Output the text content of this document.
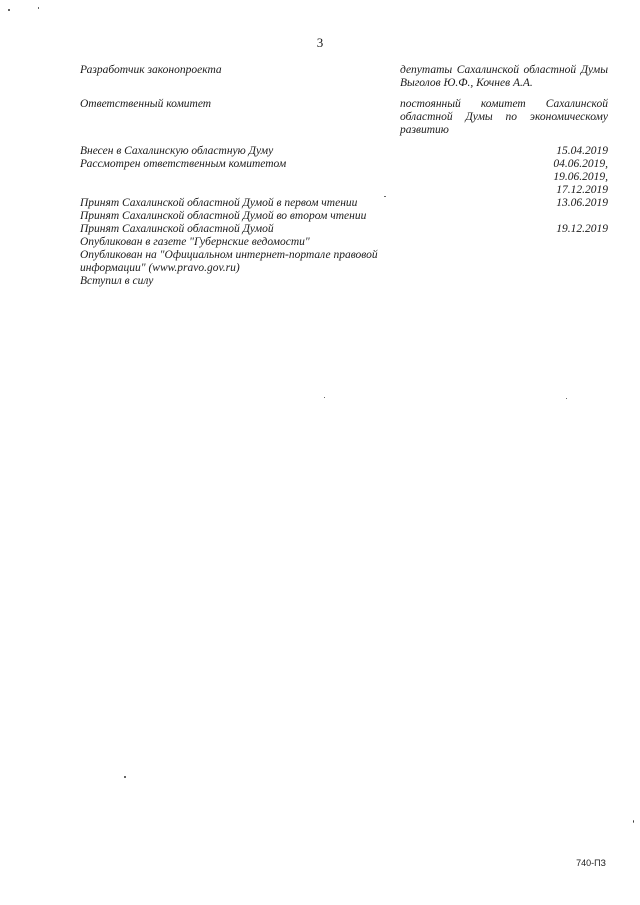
3
Разработчик законопроекта	депутаты Сахалинской областной Думы Выголов Ю.Ф., Кочнев А.А.
Ответственный комитет	постоянный комитет Сахалинской областной Думы по экономическому развитию
Внесен в Сахалинскую областную Думу	15.04.2019
Рассмотрен ответственным комитетом	04.06.2019,
19.06.2019,
17.12.2019
Принят Сахалинской областной Думой в первом чтении	13.06.2019
Принят Сахалинской областной Думой во втором чтении
Принят Сахалинской областной Думой	19.12.2019
Опубликован в газете "Губернские ведомости"
Опубликован на "Официальном интернет-портале правовой информации" (www.pravo.gov.ru)
Вступил в силу
740-ПЗ
